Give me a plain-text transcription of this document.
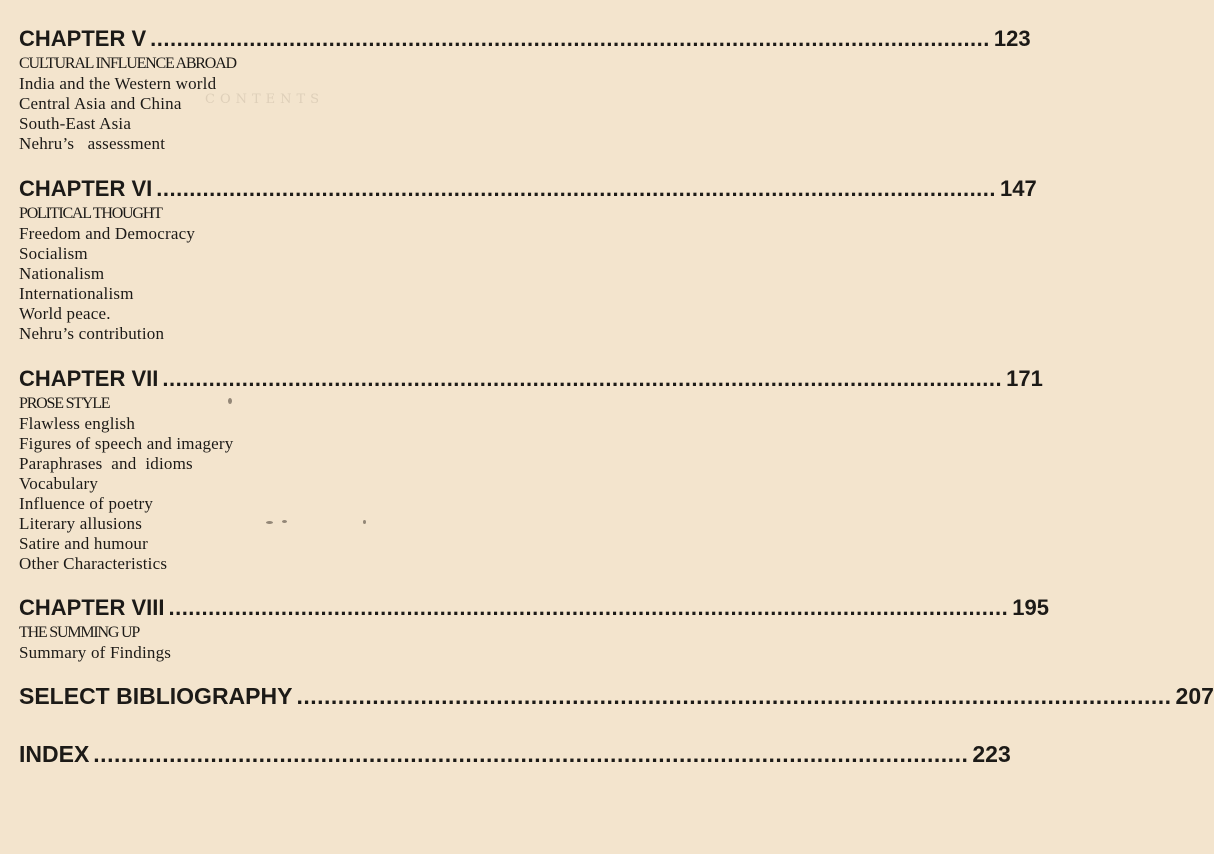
CONTENTS
CHAPTER V ............................................................................................................................... 123
CULTURAL INFLUENCE ABROAD
India and the Western world
Central Asia and China
South-East Asia
Nehru’s   assessment
CHAPTER VI ............................................................................................................................... 147
POLITICAL THOUGHT
Freedom and Democracy
Socialism
Nationalism
Internationalism
World peace.
Nehru’s contribution
CHAPTER VII ............................................................................................................................... 171
PROSE STYLE
Flawless english
Figures of speech and imagery
Paraphrases  and  idioms
Vocabulary
Influence of poetry
Literary allusions
Satire and humour
Other Characteristics
CHAPTER VIII ............................................................................................................................... 195
THE SUMMING UP
Summary of Findings
SELECT BIBLIOGRAPHY ............................................................................................................................... 207
INDEX ............................................................................................................................... 223
